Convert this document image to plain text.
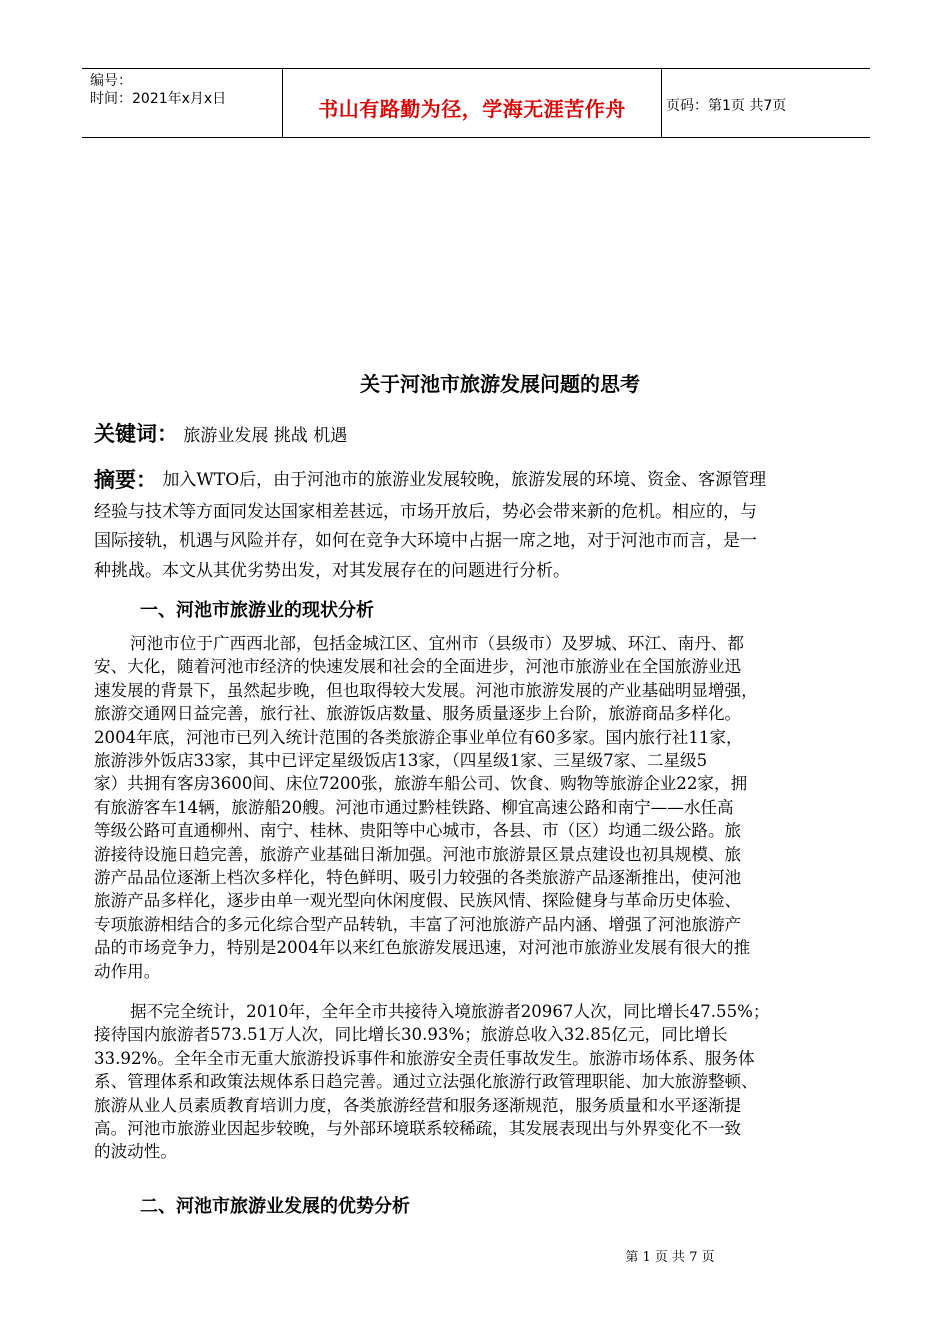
编号：
时间：2021年x月x日	书山有路勤为径，学海无涯苦作舟	页码：第1页 共7页
关于河池市旅游发展问题的思考
关键词： 旅游业发展 挑战 机遇
摘要： 加入WTO后，由于河池市的旅游业发展较晚，旅游发展的环境、资金、客源管理
经验与技术等方面同发达国家相差甚远，市场开放后，势必会带来新的危机。相应的，与
国际接轨，机遇与风险并存，如何在竞争大环境中占据一席之地，对于河池市而言，是一
种挑战。本文从其优劣势出发，对其发展存在的问题进行分析。
一、河池市旅游业的现状分析
河池市位于广西西北部，包括金城江区、宜州市（县级市）及罗城、环江、南丹、都
安、大化，随着河池市经济的快速发展和社会的全面进步，河池市旅游业在全国旅游业迅
速发展的背景下，虽然起步晚，但也取得较大发展。河池市旅游发展的产业基础明显增强，
旅游交通网日益完善，旅行社、旅游饭店数量、服务质量逐步上台阶，旅游商品多样化。
2004年底，河池市已列入统计范围的各类旅游企事业单位有60多家。国内旅行社11家，
旅游涉外饭店33家，其中已评定星级饭店13家，（四星级1家、三星级7家、二星级5
家）共拥有客房3600间、床位7200张，旅游车船公司、饮食、购物等旅游企业22家，拥
有旅游客车14辆，旅游船20艘。河池市通过黔桂铁路、柳宜高速公路和南宁——水任高
等级公路可直通柳州、南宁、桂林、贵阳等中心城市，各县、市（区）均通二级公路。旅
游接待设施日趋完善，旅游产业基础日渐加强。河池市旅游景区景点建设也初具规模、旅
游产品品位逐渐上档次多样化，特色鲜明、吸引力较强的各类旅游产品逐渐推出，使河池
旅游产品多样化，逐步由单一观光型向休闲度假、民族风情、探险健身与革命历史体验、
专项旅游相结合的多元化综合型产品转轨，丰富了河池旅游产品内涵、增强了河池旅游产
品的市场竞争力，特别是2004年以来红色旅游发展迅速，对河池市旅游业发展有很大的推
动作用。
据不完全统计，2010年，全年全市共接待入境旅游者20967人次，同比增长47.55%；
接待国内旅游者573.51万人次，同比增长30.93%；旅游总收入32.85亿元，同比增长
33.92%。全年全市无重大旅游投诉事件和旅游安全责任事故发生。旅游市场体系、服务体
系、管理体系和政策法规体系日趋完善。通过立法强化旅游行政管理职能、加大旅游整顿、
旅游从业人员素质教育培训力度，各类旅游经营和服务逐渐规范，服务质量和水平逐渐提
高。河池市旅游业因起步较晚，与外部环境联系较稀疏，其发展表现出与外界变化不一致
的波动性。
二、河池市旅游业发展的优势分析
第 1 页 共 7 页
